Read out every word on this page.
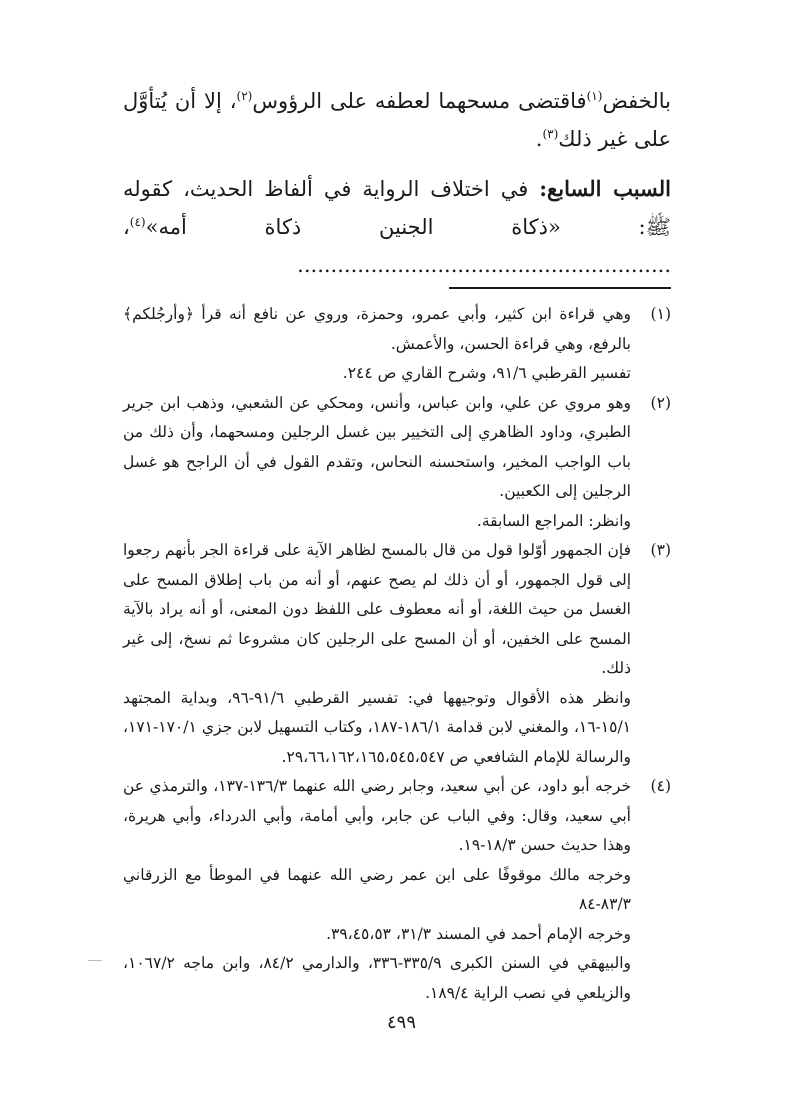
بالخفض$^{(١)}$فاقتضى مسحهما لعطفه على الرؤوس$^{(٢)}$، إلا أن يُتأوَّل على غير ذلك$^{(٣)}$.
السبب السابع: في اختلاف الرواية في ألفاظ الحديث، كقوله ﷺ: «ذكاة الجنين ذكاة أمه»$^{(٤)}$، ........................................................
(١)

وهي قراءة ابن كثير، وأبي عمرو، وحمزة، وروي عن نافع أنه قرأ ﴿وأرجُلكم﴾ بالرفع، وهي قراءة الحسن، والأعمش.

تفسير القرطبي ٩١/٦، وشرح القاري ص ٢٤٤.

(٢)

وهو مروي عن علي، وابن عباس، وأنس، ومحكي عن الشعبي، وذهب ابن جرير الطبري، وداود الظاهري إلى التخيير بين غسل الرجلين ومسحهما، وأن ذلك من باب الواجب المخير، واستحسنه النحاس، وتقدم القول في أن الراجح هو غسل الرجلين إلى الكعبين.

وانظر: المراجع السابقة.

(٣)

فإن الجمهور أوّلوا قول من قال بالمسح لظاهر الآية على قراءة الجر بأنهم رجعوا إلى قول الجمهور، أو أن ذلك لم يصح عنهم، أو أنه من باب إطلاق المسح على الغسل من حيث اللغة، أو أنه معطوف على اللفظ دون المعنى، أو أنه يراد بالآية المسح على الخفين، أو أن المسح على الرجلين كان مشروعا ثم نسخ، إلى غير ذلك.

وانظر هذه الأقوال وتوجيهها في: تفسير القرطبي ٩١/٦-٩٦، وبداية المجتهد ١٥/١-١٦، والمغني لابن قدامة ١٨٦/١-١٨٧، وكتاب التسهيل لابن جزي ١٧٠/١-١٧١، والرسالة للإمام الشافعي ص ٢٩،٦٦،١٦٢،١٦٥،٥٤٥،٥٤٧.

(٤)

خرجه أبو داود، عن أبي سعيد، وجابر رضي الله عنهما ١٣٦/٣-١٣٧، والترمذي عن أبي سعيد، وقال: وفي الباب عن جابر، وأبي أمامة، وأبي الدرداء، وأبي هريرة، وهذا حديث حسن ١٨/٣-١٩.

وخرجه مالك موقوفًا على ابن عمر رضي الله عنهما في الموطأ مع الزرقاني ٨٣/٣-٨٤

وخرجه الإمام أحمد في المسند ٣١/٣، ٣٩،٤٥،٥٣.

والبيهقي في السنن الكبرى ٣٣٥/٩-٣٣٦، والدارمي ٨٤/٢، وابن ماجه ١٠٦٧/٢، والزيلعي في نصب الراية ١٨٩/٤.

٤٩٩
